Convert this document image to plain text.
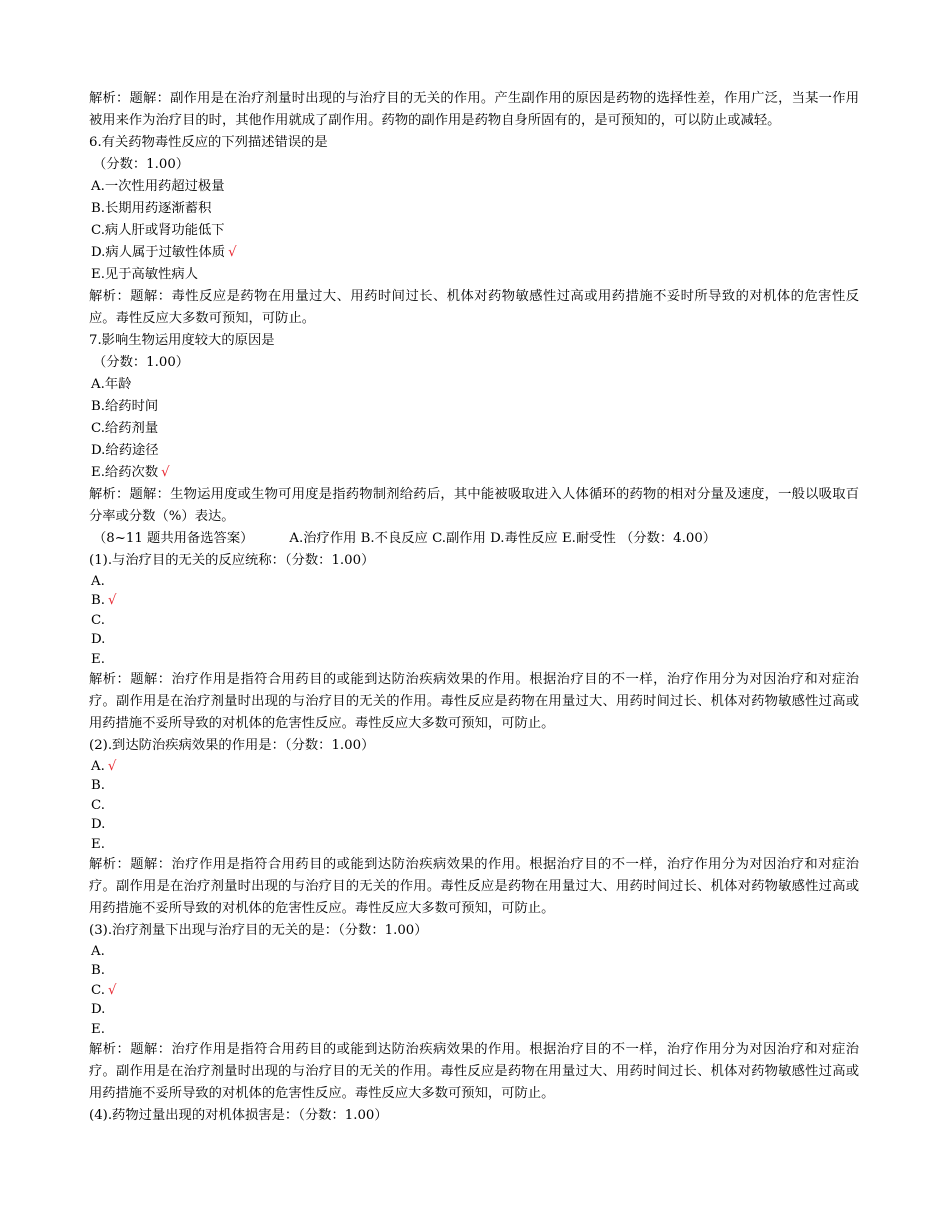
解析：题解：副作用是在治疗剂量时出现的与治疗目的无关的作用。产生副作用的原因是药物的选择性差，作用广泛，当某一作用被用来作为治疗目的时，其他作用就成了副作用。药物的副作用是药物自身所固有的，是可预知的，可以防止或减轻。
6.有关药物毒性反应的下列描述错误的是
（分数：1.00）
A.一次性用药超过极量
B.长期用药逐渐蓄积
C.病人肝或肾功能低下
D.病人属于过敏性体质 √
E.见于高敏性病人
解析：题解：毒性反应是药物在用量过大、用药时间过长、机体对药物敏感性过高或用药措施不妥时所导致的对机体的危害性反应。毒性反应大多数可预知，可防止。
7.影响生物运用度较大的原因是
（分数：1.00）
A.年龄
B.给药时间
C.给药剂量
D.给药途径
E.给药次数 √
解析：题解：生物运用度或生物可用度是指药物制剂给药后，其中能被吸取进入人体循环的药物的相对分量及速度，一般以吸取百分率或分数（%）表达。
（8~11 题共用备选答案）	A.治疗作用 B.不良反应 C.副作用 D.毒性反应 E.耐受性 （分数：4.00）
(1).与治疗目的无关的反应统称：（分数：1.00）
A.
B. √
C.
D.
E.
解析：题解：治疗作用是指符合用药目的或能到达防治疾病效果的作用。根据治疗目的不一样，治疗作用分为对因治疗和对症治疗。副作用是在治疗剂量时出现的与治疗目的无关的作用。毒性反应是药物在用量过大、用药时间过长、机体对药物敏感性过高或用药措施不妥所导致的对机体的危害性反应。毒性反应大多数可预知，可防止。
(2).到达防治疾病效果的作用是：（分数：1.00）
A. √
B.
C.
D.
E.
解析：题解：治疗作用是指符合用药目的或能到达防治疾病效果的作用。根据治疗目的不一样，治疗作用分为对因治疗和对症治疗。副作用是在治疗剂量时出现的与治疗目的无关的作用。毒性反应是药物在用量过大、用药时间过长、机体对药物敏感性过高或用药措施不妥所导致的对机体的危害性反应。毒性反应大多数可预知，可防止。
(3).治疗剂量下出现与治疗目的无关的是：（分数：1.00）
A.
B.
C. √
D.
E.
解析：题解：治疗作用是指符合用药目的或能到达防治疾病效果的作用。根据治疗目的不一样，治疗作用分为对因治疗和对症治疗。副作用是在治疗剂量时出现的与治疗目的无关的作用。毒性反应是药物在用量过大、用药时间过长、机体对药物敏感性过高或用药措施不妥所导致的对机体的危害性反应。毒性反应大多数可预知，可防止。
(4).药物过量出现的对机体损害是：（分数：1.00）
